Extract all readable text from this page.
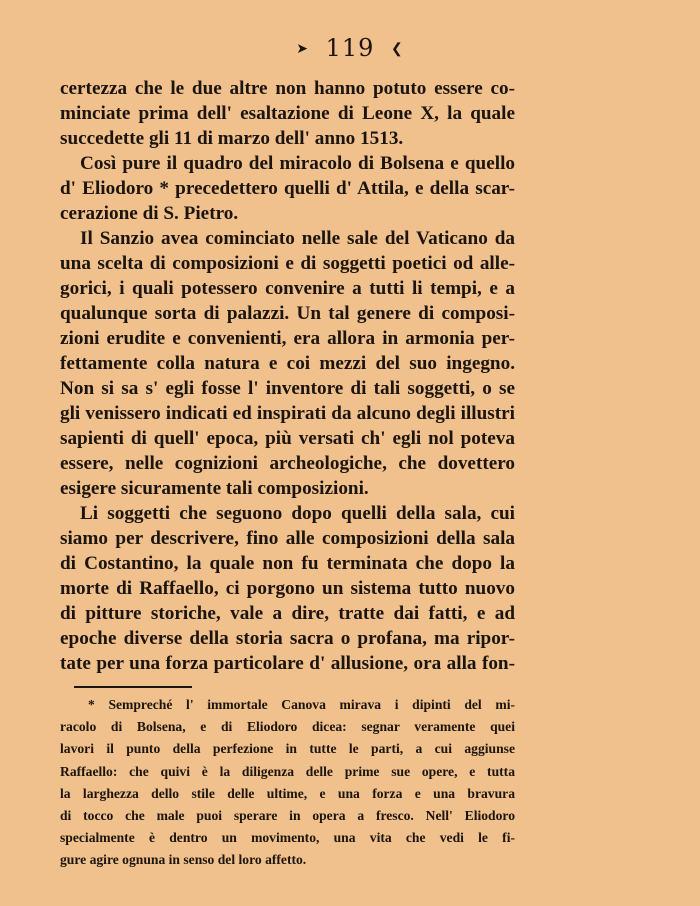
➤ 119 ❮
certezza che le due altre non hanno potuto essere co-
minciate prima dell' esaltazione di Leone X, la quale
succedette gli 11 di marzo dell' anno 1513.
Così pure il quadro del miracolo di Bolsena e quello
d' Eliodoro * precedettero quelli d' Attila, e della scar-
cerazione di S. Pietro.
Il Sanzio avea cominciato nelle sale del Vaticano da
una scelta di composizioni e di soggetti poetici od alle-
gorici, i quali potessero convenire a tutti li tempi, e a
qualunque sorta di palazzi. Un tal genere di composi-
zioni erudite e convenienti, era allora in armonia per-
fettamente colla natura e coi mezzi del suo ingegno.
Non si sa s' egli fosse l' inventore di tali soggetti, o se
gli venissero indicati ed inspirati da alcuno degli illustri
sapienti di quell' epoca, più versati ch' egli nol poteva
essere, nelle cognizioni archeologiche, che dovettero
esigere sicuramente tali composizioni.
Li soggetti che seguono dopo quelli della sala, cui
siamo per descrivere, fino alle composizioni della sala
di Costantino, la quale non fu terminata che dopo la
morte di Raffaello, ci porgono un sistema tutto nuovo
di pitture storiche, vale a dire, tratte dai fatti, e ad
epoche diverse della storia sacra o profana, ma ripor-
tate per una forza particolare d' allusione, ora alla fon-
* Sempreché l' immortale Canova mirava i dipinti del mi-
racolo di Bolsena, e di Eliodoro dicea: segnar veramente quei
lavori il punto della perfezione in tutte le parti, a cui aggiunse
Raffaello: che quivi è la diligenza delle prime sue opere, e tutta
la larghezza dello stile delle ultime, e una forza e una bravura
di tocco che male puoi sperare in opera a fresco. Nell' Eliodoro
specialmente è dentro un movimento, una vita che vedi le fi-
gure agire ognuna in senso del loro affetto.
